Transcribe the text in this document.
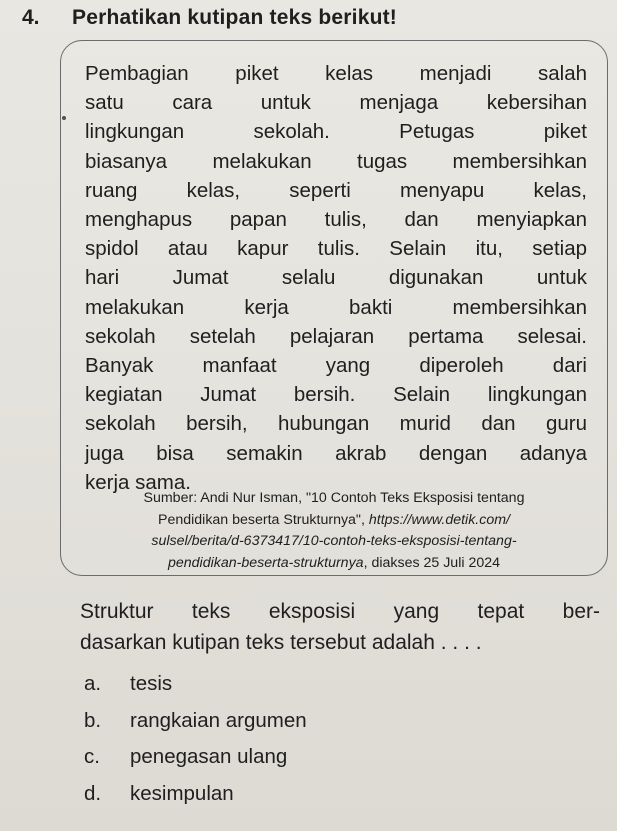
4. Perhatikan kutipan teks berikut!

Pembagian piket kelas menjadi salah
satu cara untuk menjaga kebersihan
lingkungan sekolah. Petugas piket
biasanya melakukan tugas membersihkan
ruang kelas, seperti menyapu kelas,
menghapus papan tulis, dan menyiapkan
spidol atau kapur tulis. Selain itu, setiap
hari Jumat selalu digunakan untuk
melakukan kerja bakti membersihkan
sekolah setelah pelajaran pertama selesai.
Banyak manfaat yang diperoleh dari
kegiatan Jumat bersih. Selain lingkungan
sekolah bersih, hubungan murid dan guru
juga bisa semakin akrab dengan adanya
kerja sama.

Sumber: Andi Nur Isman, "10 Contoh Teks Eksposisi tentang
Pendidikan beserta Strukturnya", https://www.detik.com/
sulsel/berita/d-6373417/10-contoh-teks-eksposisi-tentang-
pendidikan-beserta-strukturnya, diakses 25 Juli 2024

Struktur teks eksposisi yang tepat ber-
dasarkan kutipan teks tersebut adalah . . . .

a.	tesis
b.	rangkaian argumen
c.	penegasan ulang
d.	kesimpulan
